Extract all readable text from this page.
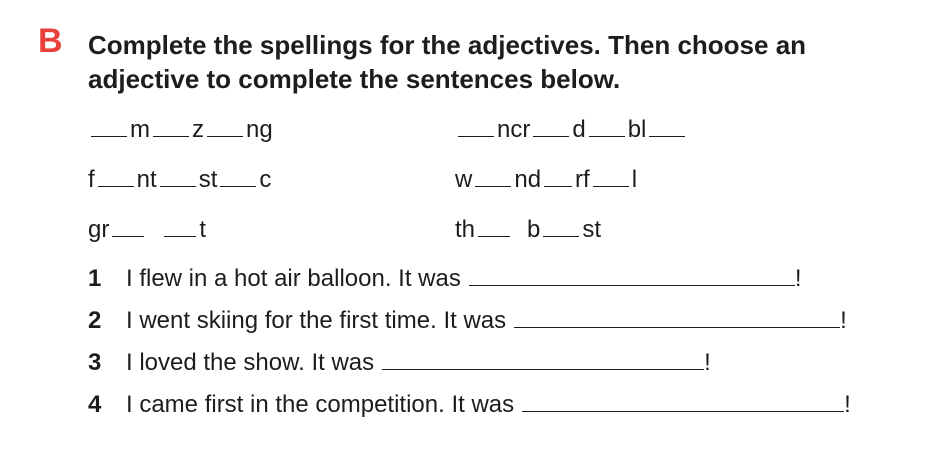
B Complete the spellings for the adjectives. Then choose an adjective to complete the sentences below.
m z ng	ncr d bl
f nt st c	w nd rf l
gr	t	th b st
1	I flew in a hot air balloon. It was	!
2	I went skiing for the first time. It was	!
3	I loved the show. It was	!
4	I came first in the competition. It was	!
